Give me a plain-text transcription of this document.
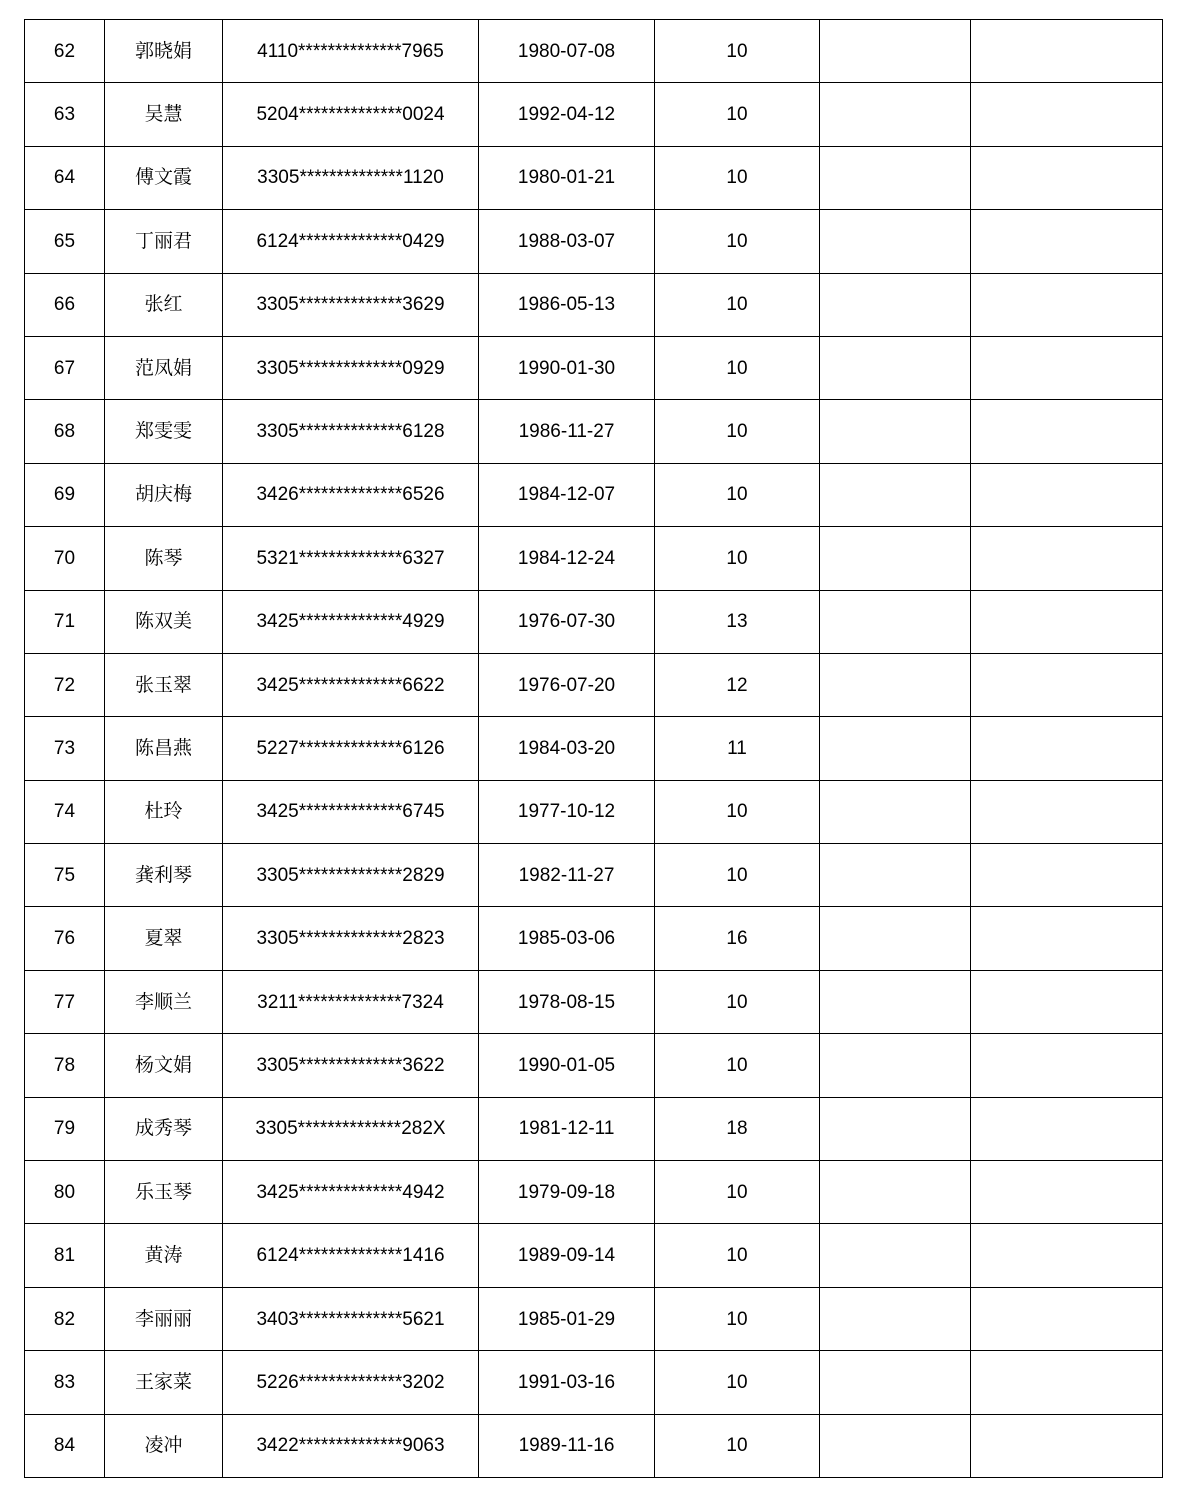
62	郭晓娟	4110**************7965	1980-07-08	10		
63	吴慧	5204**************0024	1992-04-12	10		
64	傅文霞	3305**************1120	1980-01-21	10		
65	丁丽君	6124**************0429	1988-03-07	10		
66	张红	3305**************3629	1986-05-13	10		
67	范凤娟	3305**************0929	1990-01-30	10		
68	郑雯雯	3305**************6128	1986-11-27	10		
69	胡庆梅	3426**************6526	1984-12-07	10		
70	陈琴	5321**************6327	1984-12-24	10		
71	陈双美	3425**************4929	1976-07-30	13		
72	张玉翠	3425**************6622	1976-07-20	12		
73	陈昌燕	5227**************6126	1984-03-20	11		
74	杜玲	3425**************6745	1977-10-12	10		
75	龚利琴	3305**************2829	1982-11-27	10		
76	夏翠	3305**************2823	1985-03-06	16		
77	李顺兰	3211**************7324	1978-08-15	10		
78	杨文娟	3305**************3622	1990-01-05	10		
79	成秀琴	3305**************282X	1981-12-11	18		
80	乐玉琴	3425**************4942	1979-09-18	10		
81	黄涛	6124**************1416	1989-09-14	10		
82	李丽丽	3403**************5621	1985-01-29	10		
83	王家菜	5226**************3202	1991-03-16	10		
84	凌冲	3422**************9063	1989-11-16	10		
